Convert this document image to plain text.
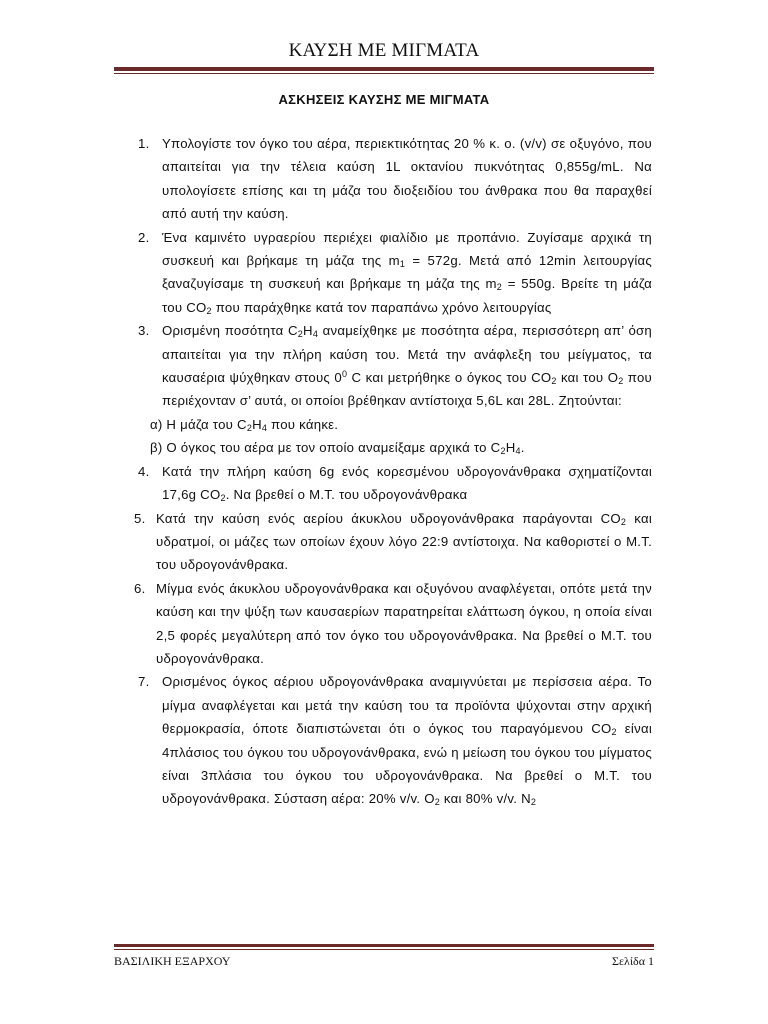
ΚΑΥΣΗ ΜΕ ΜΙΓΜΑΤΑ
ΑΣΚΗΣΕΙΣ ΚΑΥΣΗΣ ΜΕ ΜΙΓΜΑΤΑ
1. Υπολογίστε τον όγκο του αέρα, περιεκτικότητας 20 % κ. ο. (v/v) σε οξυγόνο, που απαιτείται για την τέλεια καύση 1L οκτανίου πυκνότητας 0,855g/mL. Να υπολογίσετε επίσης και τη μάζα του διοξειδίου του άνθρακα που θα παραχθεί από αυτή την καύση.
2. Ένα καμινέτο υγραερίου περιέχει φιαλίδιο με προπάνιο. Ζυγίσαμε αρχικά τη συσκευή και βρήκαμε τη μάζα της $m_1 = 572g$. Μετά από 12min λειτουργίας ξαναζυγίσαμε τη συσκευή και βρήκαμε τη μάζα της $m_2 = 550g$. Βρείτε τη μάζα του $CO_2$ που παράχθηκε κατά τον παραπάνω χρόνο λειτουργίας
3. Ορισμένη ποσότητα $C_2H_4$ αναμείχθηκε με ποσότητα αέρα, περισσότερη απ’ όση απαιτείται για την πλήρη καύση του. Μετά την ανάφλεξη του μείγματος, τα καυσαέρια ψύχθηκαν στους $0^0$ C και μετρήθηκε ο όγκος του $CO_2$ και του $O_2$ που περιέχονταν σ’ αυτά, οι οποίοι βρέθηκαν αντίστοιχα 5,6L και 28L. Ζητούνται:
α) Η μάζα του $C_2H_4$ που κάηκε.
β) Ο όγκος του αέρα με τον οποίο αναμείξαμε αρχικά το $C_2H_4$.
4. Κατά την πλήρη καύση 6g ενός κορεσμένου υδρογονάνθρακα σχηματίζονται 17,6g $CO_2$. Να βρεθεί ο Μ.Τ. του υδρογονάνθρακα
5. Κατά την καύση ενός αερίου άκυκλου υδρογονάνθρακα παράγονται $CO_2$ και υδρατμοί, οι μάζες των οποίων έχουν λόγο 22:9 αντίστοιχα. Να καθοριστεί ο Μ.Τ. του υδρογονάνθρακα.
6. Μίγμα ενός άκυκλου υδρογονάνθρακα και οξυγόνου αναφλέγεται, οπότε μετά την καύση και την ψύξη των καυσαερίων παρατηρείται ελάττωση όγκου, η οποία είναι 2,5 φορές μεγαλύτερη από τον όγκο του υδρογονάνθρακα. Να βρεθεί ο Μ.Τ. του υδρογονάνθρακα.
7. Ορισμένος όγκος αέριου υδρογονάνθρακα αναμιγνύεται με περίσσεια αέρα. Το μίγμα αναφλέγεται και μετά την καύση του τα προϊόντα ψύχονται στην αρχική θερμοκρασία, όποτε διαπιστώνεται ότι ο όγκος του παραγόμενου $CO_2$ είναι 4πλάσιος του όγκου του υδρογονάνθρακα, ενώ η μείωση του όγκου του μίγματος είναι 3πλάσια του όγκου του υδρογονάνθρακα. Να βρεθεί ο Μ.Τ. του υδρογονάνθρακα. Σύσταση αέρα: 20% v/v. $O_2$ και 80% v/v. $N_2$
ΒΑΣΙΛΙΚΗ ΕΞΑΡΧΟΥ	Σελίδα 1
